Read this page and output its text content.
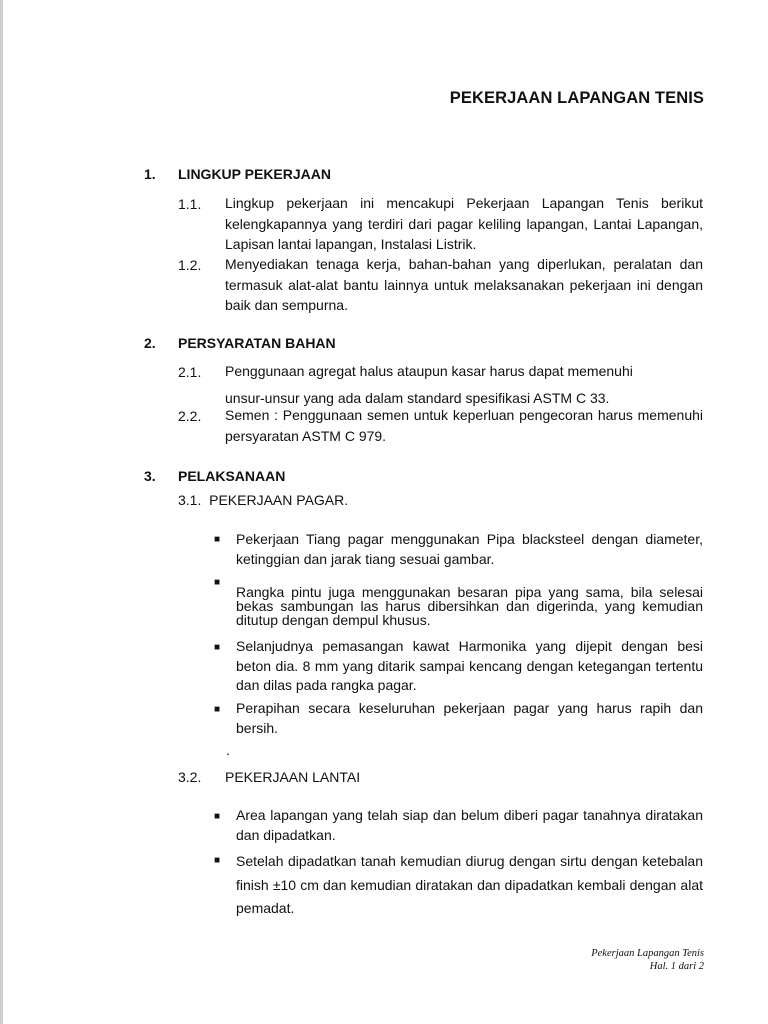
PEKERJAAN LAPANGAN TENIS
1. LINGKUP PEKERJAAN
1.1. Lingkup pekerjaan ini mencakupi Pekerjaan Lapangan Tenis berikut kelengkapannya yang terdiri dari pagar keliling lapangan, Lantai Lapangan, Lapisan lantai lapangan, Instalasi Listrik.
1.2. Menyediakan tenaga kerja, bahan-bahan yang diperlukan, peralatan dan termasuk alat-alat bantu lainnya untuk melaksanakan pekerjaan ini dengan baik dan sempurna.
2. PERSYARATAN BAHAN
2.1. Penggunaan agregat halus ataupun kasar harus dapat memenuhi
unsur-unsur yang ada dalam standard spesifikasi ASTM C 33.
2.2. Semen : Penggunaan semen untuk keperluan pengecoran harus memenuhi persyaratan ASTM C 979.
3. PELAKSANAAN
3.1.  PEKERJAAN PAGAR.
■ Pekerjaan Tiang pagar menggunakan Pipa blacksteel dengan diameter, ketinggian dan jarak tiang sesuai gambar.
■
Rangka pintu juga menggunakan besaran pipa yang sama, bila selesai bekas sambungan las harus dibersihkan dan digerinda, yang kemudian ditutup dengan dempul khusus.
■ Selanjudnya pemasangan kawat Harmonika yang dijepit dengan besi beton dia. 8 mm yang ditarik sampai kencang dengan ketegangan tertentu dan dilas pada rangka pagar.
■ Perapihan secara keseluruhan pekerjaan pagar yang harus rapih dan bersih.
.
3.2. PEKERJAAN LANTAI
■ Area lapangan yang telah siap dan belum diberi pagar tanahnya diratakan dan dipadatkan.
■ Setelah dipadatkan tanah kemudian diurug dengan sirtu dengan ketebalan finish ±10 cm dan kemudian diratakan dan dipadatkan kembali dengan alat pemadat.
Pekerjaan Lapangan Tenis
Hal. 1 dari 2
